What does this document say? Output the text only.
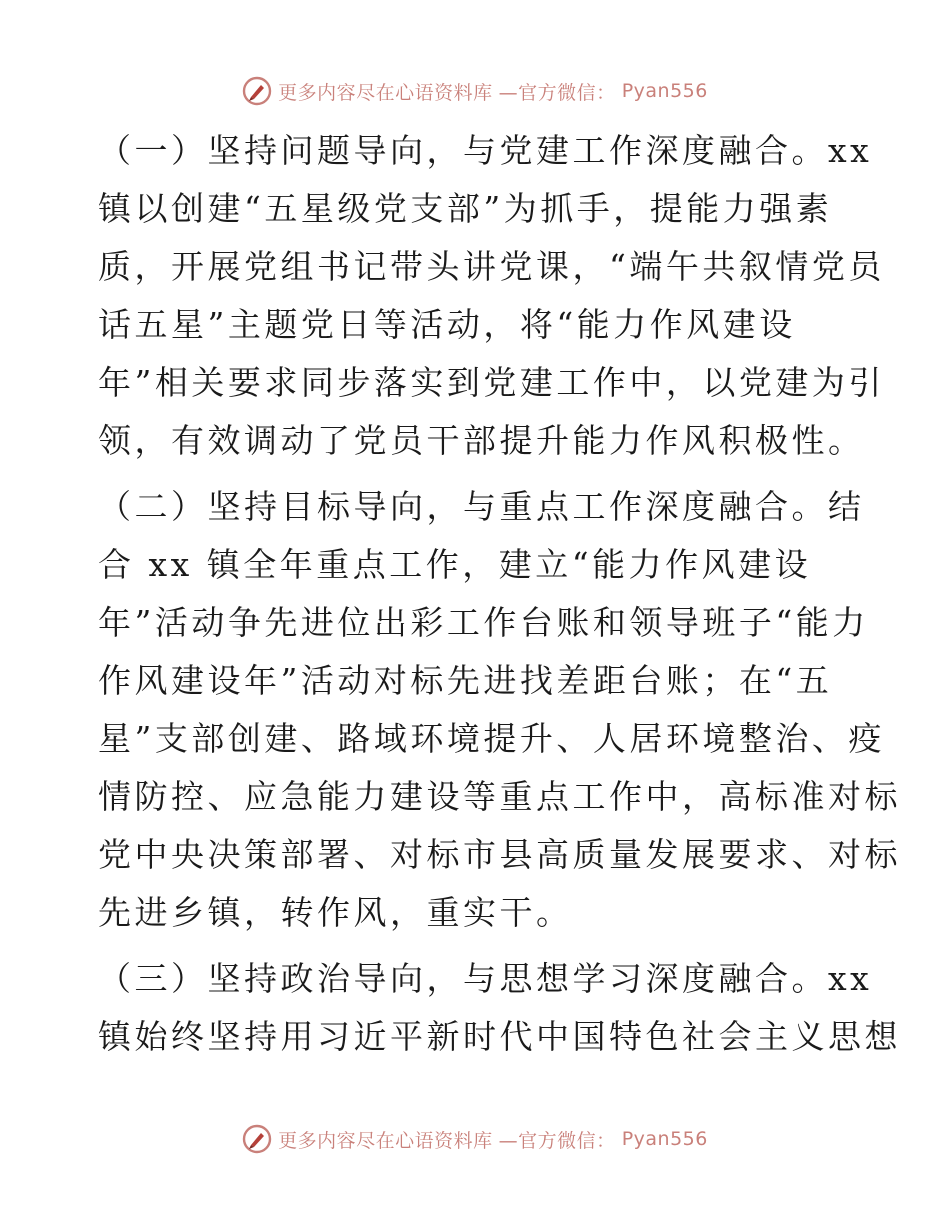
更多内容尽在心语资料库 —官方微信： Pyan556
（一）坚持问题导向，与党建工作深度融合。xx
镇以创建“五星级党支部”为抓手，提能力强素
质，开展党组书记带头讲党课，“端午共叙情党员
话五星”主题党日等活动，将“能力作风建设
年”相关要求同步落实到党建工作中，以党建为引
领，有效调动了党员干部提升能力作风积极性。
（二）坚持目标导向，与重点工作深度融合。结
合 xx 镇全年重点工作，建立“能力作风建设
年”活动争先进位出彩工作台账和领导班子“能力
作风建设年”活动对标先进找差距台账；在“五
星”支部创建、路域环境提升、人居环境整治、疫
情防控、应急能力建设等重点工作中，高标准对标
党中央决策部署、对标市县高质量发展要求、对标
先进乡镇，转作风，重实干。
（三）坚持政治导向，与思想学习深度融合。xx
镇始终坚持用习近平新时代中国特色社会主义思想
更多内容尽在心语资料库 —官方微信： Pyan556
